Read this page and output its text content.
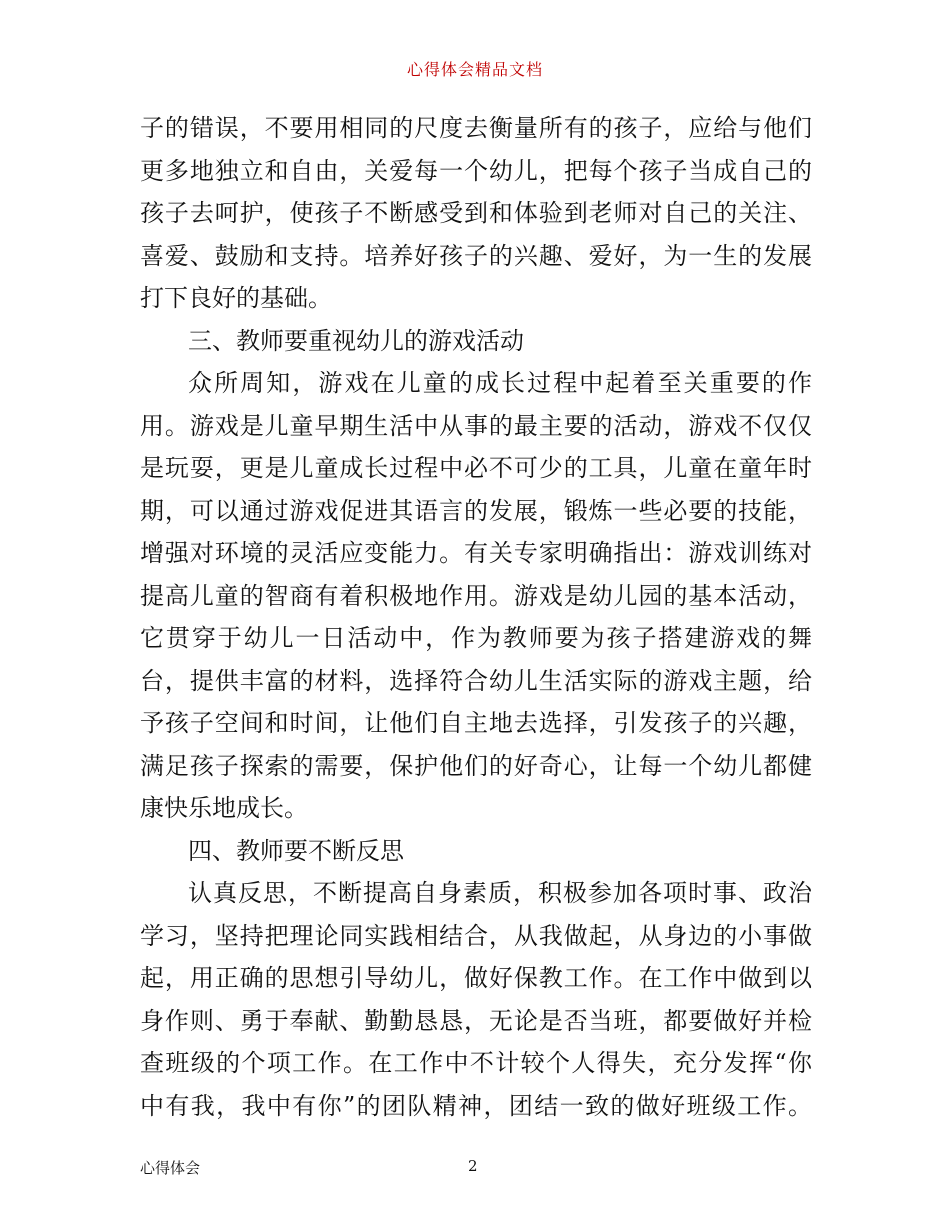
心得体会精品文档
子的错误，不要用相同的尺度去衡量所有的孩子，应给与他们
更多地独立和自由，关爱每一个幼儿，把每个孩子当成自己的
孩子去呵护，使孩子不断感受到和体验到老师对自己的关注、
喜爱、鼓励和支持。培养好孩子的兴趣、爱好，为一生的发展
打下良好的基础。
三、教师要重视幼儿的游戏活动
众所周知，游戏在儿童的成长过程中起着至关重要的作
用。游戏是儿童早期生活中从事的最主要的活动，游戏不仅仅
是玩耍，更是儿童成长过程中必不可少的工具，儿童在童年时
期，可以通过游戏促进其语言的发展，锻炼一些必要的技能，
增强对环境的灵活应变能力。有关专家明确指出：游戏训练对
提高儿童的智商有着积极地作用。游戏是幼儿园的基本活动，
它贯穿于幼儿一日活动中，作为教师要为孩子搭建游戏的舞
台，提供丰富的材料，选择符合幼儿生活实际的游戏主题，给
予孩子空间和时间，让他们自主地去选择，引发孩子的兴趣，
满足孩子探索的需要，保护他们的好奇心，让每一个幼儿都健
康快乐地成长。
四、教师要不断反思
认真反思，不断提高自身素质，积极参加各项时事、政治
学习，坚持把理论同实践相结合，从我做起，从身边的小事做
起，用正确的思想引导幼儿，做好保教工作。在工作中做到以
身作则、勇于奉献、勤勤恳恳，无论是否当班，都要做好并检
查班级的个项工作。在工作中不计较个人得失，充分发挥“你
中有我，我中有你”的团队精神，团结一致的做好班级工作。
心得体会	2
